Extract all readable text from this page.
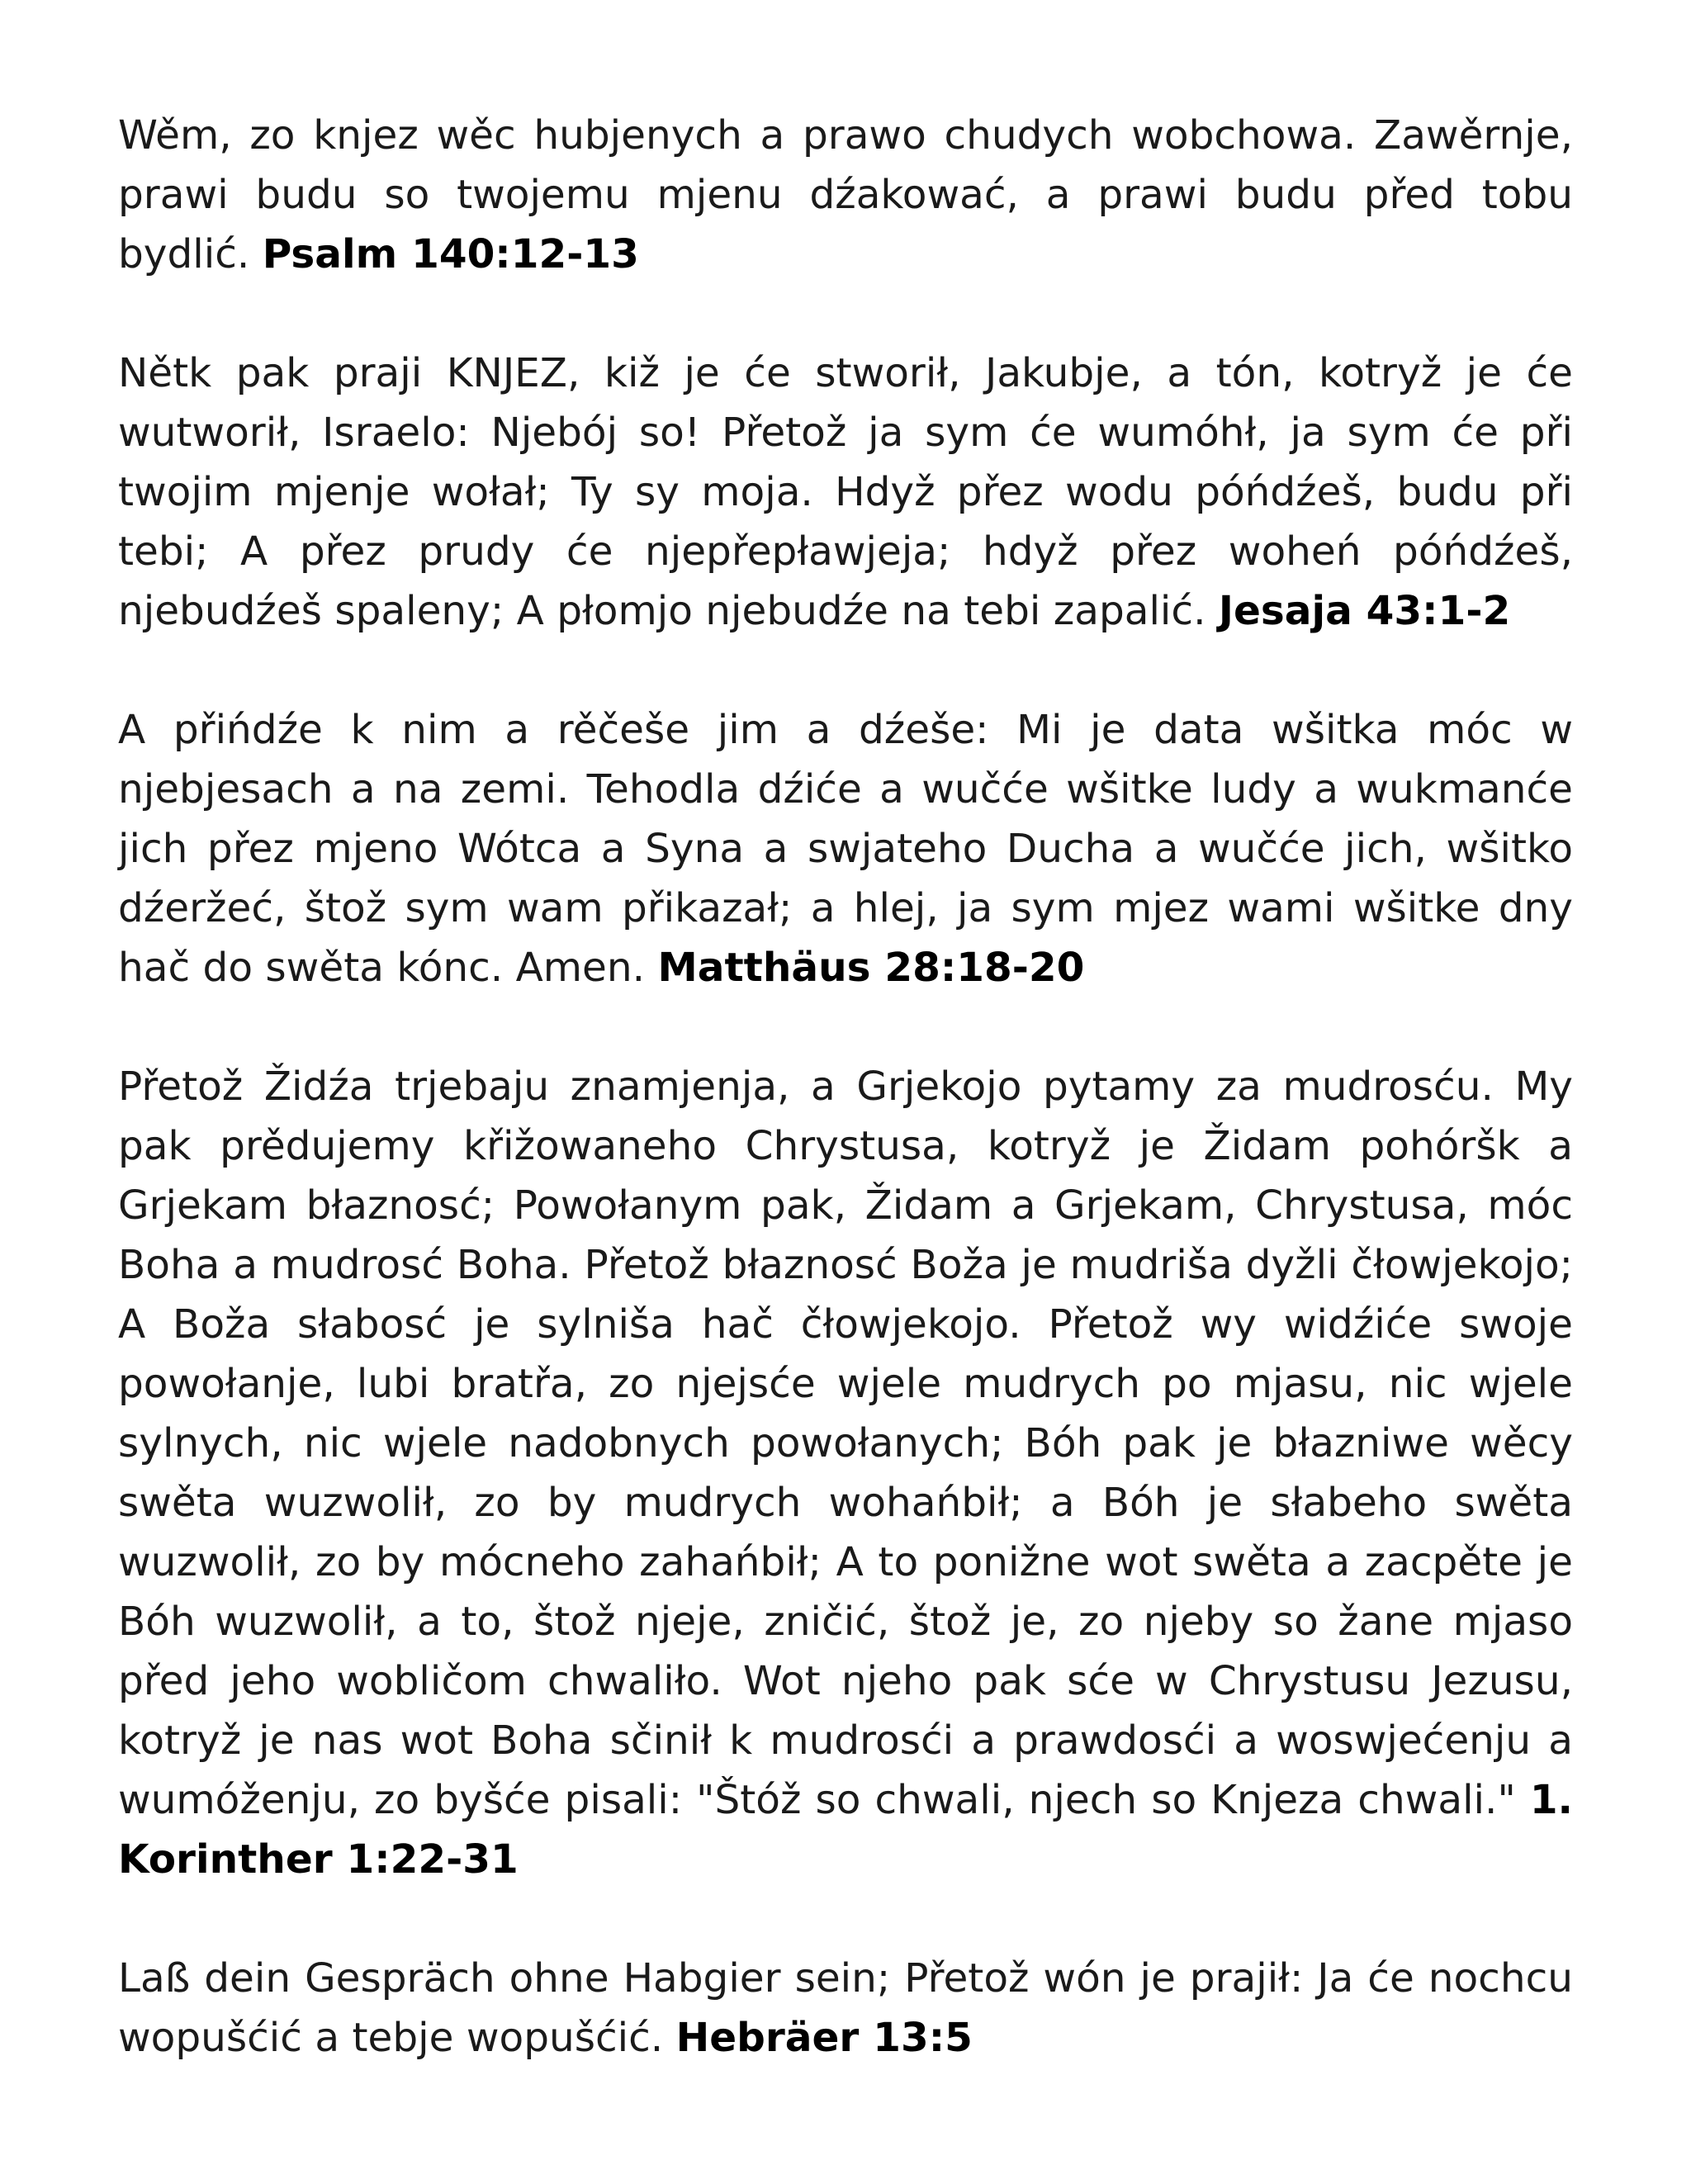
Wěm, zo knjez wěc hubjenych a prawo chudych wobchowa. Zawěrnje, prawi budu so twojemu mjenu dźakować, a prawi budu před tobu bydlić. Psalm 140:12-13

Nětk pak praji KNJEZ, kiž je će stworił, Jakubje, a tón, kotryž je će wutworił, Israelo: Njebój so! Přetož ja sym će wumóhł, ja sym će při twojim mjenje wołał; Ty sy moja. Hdyž přez wodu póńdźeš, budu při tebi; A přez prudy će njepřepławjeja; hdyž přez woheń póńdźeš, njebudźeš spaleny; A płomjo njebudźe na tebi zapalić. Jesaja 43:1-2

A přińdźe k nim a rěčeše jim a dźeše: Mi je data wšitka móc w njebjesach a na zemi. Tehodla dźiće a wučće wšitke ludy a wukmanće jich přez mjeno Wótca a Syna a swjateho Ducha a wučće jich, wšitko dźeržeć, štož sym wam přikazał; a hlej, ja sym mjez wami wšitke dny hač do swěta kónc. Amen. Matthäus 28:18-20

Přetož Židźa trjebaju znamjenja, a Grjekojo pytamy za mudrosću. My pak prědujemy křižowaneho Chrystusa, kotryž je Židam pohóršk a Grjekam błaznosć; Powołanym pak, Židam a Grjekam, Chrystusa, móc Boha a mudrosć Boha. Přetož błaznosć Boža je mudriša dyžli čłowjekojo; A Boža słabosć je sylniša hač čłowjekojo. Přetož wy widźiće swoje powołanje, lubi bratřa, zo njejsće wjele mudrych po mjasu, nic wjele sylnych, nic wjele nadobnych powołanych; Bóh pak je błazniwe wěcy swěta wuzwolił, zo by mudrych wohańbił; a Bóh je słabeho swěta wuzwolił, zo by mócneho zahańbił; A to ponižne wot swěta a zacpěte je Bóh wuzwolił, a to, štož njeje, zničić, štož je, zo njeby so žane mjaso před jeho wobličom chwaliło. Wot njeho pak sće w Chrystusu Jezusu, kotryž je nas wot Boha sčinił k mudrosći a prawdosći a woswjećenju a wumóženju, zo byšće pisali: "Štóž so chwali, njech so Knjeza chwali." 1. Korinther 1:22-31

Laß dein Gespräch ohne Habgier sein; Přetož wón je prajił: Ja će nochcu wopušćić a tebje wopušćić. Hebräer 13:5
